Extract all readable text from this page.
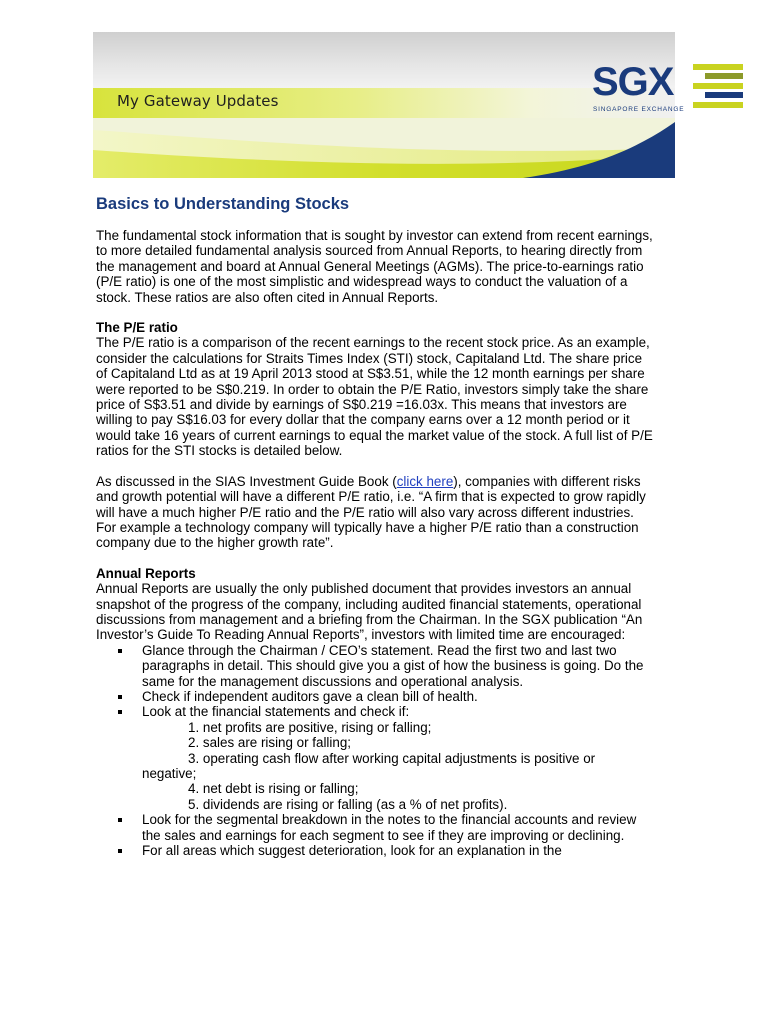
My Gateway Updates	SGX
SINGAPORE EXCHANGE
Basics to Understanding Stocks

The fundamental stock information that is sought by investor can extend from recent earnings, to more detailed fundamental analysis sourced from Annual Reports, to hearing directly from the management and board at Annual General Meetings (AGMs). The price-to-earnings ratio (P/E ratio) is one of the most simplistic and widespread ways to conduct the valuation of a stock. These ratios are also often cited in Annual Reports.

The P/E ratio

The P/E ratio is a comparison of the recent earnings to the recent stock price. As an example, consider the calculations for Straits Times Index (STI) stock, Capitaland Ltd. The share price of Capitaland Ltd as at 19 April 2013 stood at S$3.51, while the 12 month earnings per share were reported to be S$0.219. In order to obtain the P/E Ratio, investors simply take the share price of S$3.51 and divide by earnings of S$0.219 =16.03x. This means that investors are willing to pay S$16.03 for every dollar that the company earns over a 12 month period or it would take 16 years of current earnings to equal the market value of the stock. A full list of P/E ratios for the STI stocks is detailed below.

As discussed in the SIAS Investment Guide Book (click here), companies with different risks and growth potential will have a different P/E ratio, i.e. “A firm that is expected to grow rapidly will have a much higher P/E ratio and the P/E ratio will also vary across different industries. For example a technology company will typically have a higher P/E ratio than a construction company due to the higher growth rate”.

Annual Reports

Annual Reports are usually the only published document that provides investors an annual snapshot of the progress of the company, including audited financial statements, operational discussions from management and a briefing from the Chairman. In the SGX publication “An Investor’s Guide To Reading Annual Reports”, investors with limited time are encouraged:

Glance through the Chairman / CEO’s statement. Read the first two and last two paragraphs in detail. This should give you a gist of how the business is going. Do the same for the management discussions and operational analysis.
Check if independent auditors gave a clean bill of health.
Look at the financial statements and check if:
1. net profits are positive, rising or falling;
2. sales are rising or falling;
3. operating cash flow after working capital adjustments is positive or
negative;
4. net debt is rising or falling;
5. dividends are rising or falling (as a % of net profits).
Look for the segmental breakdown in the notes to the financial accounts and review the sales and earnings for each segment to see if they are improving or declining.
For all areas which suggest deterioration, look for an explanation in the
